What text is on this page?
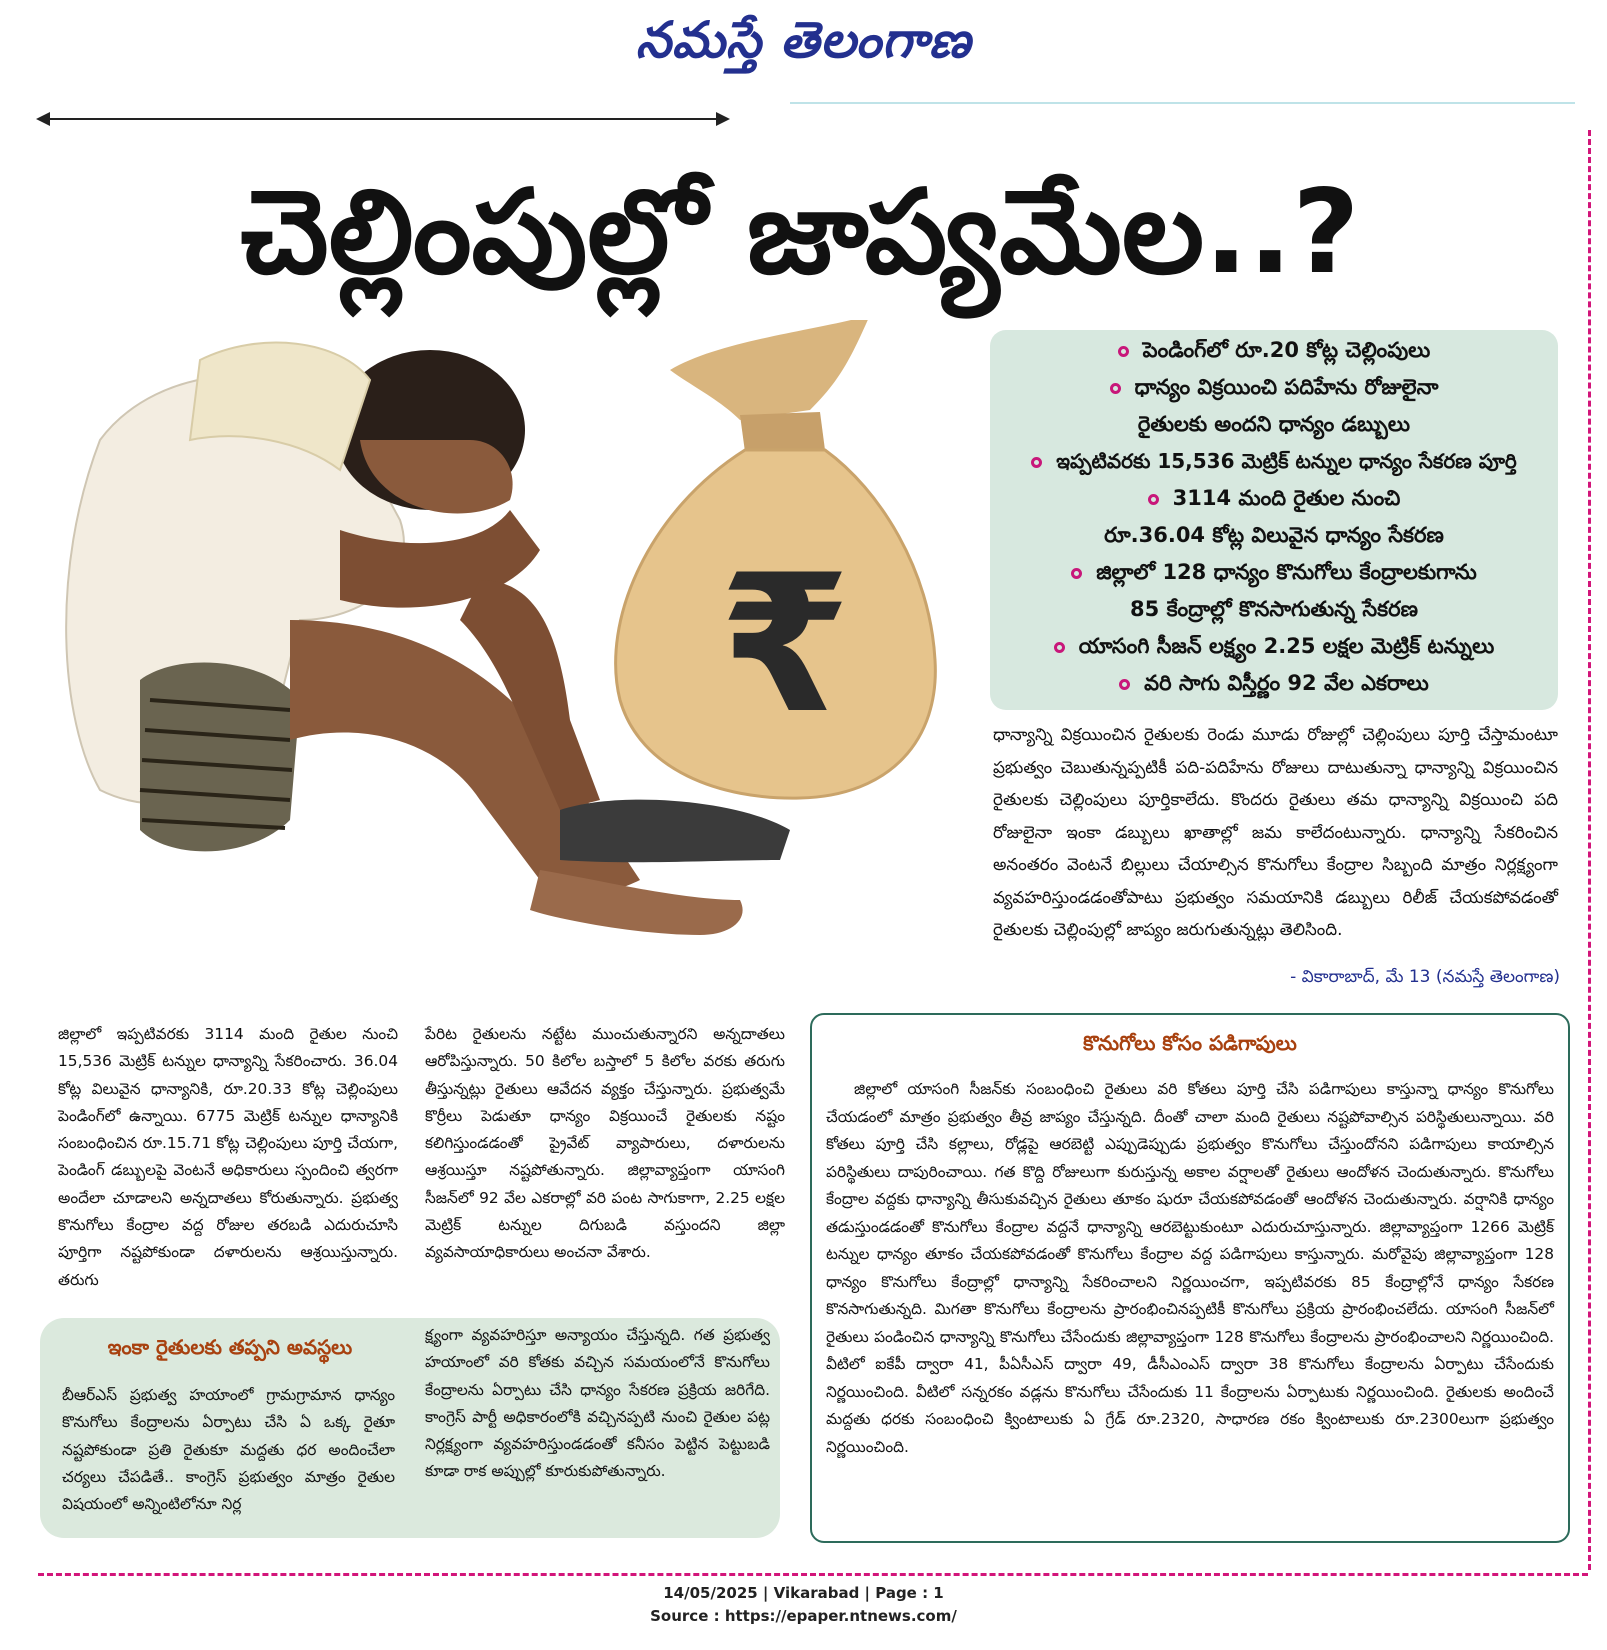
నమస్తే తెలంగాణ
చెల్లింపుల్లో జాప్యమేల..?
₹
పెండింగ్‌లో రూ.20 కోట్ల చెల్లింపులు
ధాన్యం విక్రయించి పదిహేను రోజులైనా
రైతులకు అందని ధాన్యం డబ్బులు
ఇప్పటివరకు 15,536 మెట్రిక్ టన్నుల ధాన్యం సేకరణ పూర్తి
3114 మంది రైతుల నుంచి
రూ.36.04 కోట్ల విలువైన ధాన్యం సేకరణ
జిల్లాలో 128 ధాన్యం కొనుగోలు కేంద్రాలకుగాను
85 కేంద్రాల్లో కొనసాగుతున్న సేకరణ
యాసంగి సీజన్ లక్ష్యం 2.25 లక్షల మెట్రిక్ టన్నులు
వరి సాగు విస్తీర్ణం 92 వేల ఎకరాలు
ధాన్యాన్ని విక్రయించిన రైతులకు రెండు మూడు రోజుల్లో చెల్లింపులు పూర్తి చేస్తామంటూ ప్రభుత్వం చెబుతున్నప్పటికీ పది-పదిహేను రోజులు దాటుతున్నా ధాన్యాన్ని విక్రయించిన రైతులకు చెల్లింపులు పూర్తికాలేదు. కొందరు రైతులు తమ ధాన్యాన్ని విక్రయించి పది రోజులైనా ఇంకా డబ్బులు ఖాతాల్లో జమ కాలేదంటున్నారు. ధాన్యాన్ని సేకరించిన అనంతరం వెంటనే బిల్లులు చేయాల్సిన కొనుగోలు కేంద్రాల సిబ్బంది మాత్రం నిర్లక్ష్యంగా వ్యవహరిస్తుండడంతోపాటు ప్రభుత్వం సమయానికి డబ్బులు రిలీజ్ చేయకపోవడంతో రైతులకు చెల్లింపుల్లో జాప్యం జరుగుతున్నట్లు తెలిసింది.
- వికారాబాద్, మే 13 (నమస్తే తెలంగాణ)
జిల్లాలో ఇప్పటివరకు 3114 మంది రైతుల నుంచి 15,536 మెట్రిక్ టన్నుల ధాన్యాన్ని సేకరించారు. 36.04 కోట్ల విలువైన ధాన్యానికి, రూ.20.33 కోట్ల చెల్లింపులు పెండింగ్‌లో ఉన్నాయి. 6775 మెట్రిక్ టన్నుల ధాన్యానికి సంబంధించిన రూ.15.71 కోట్ల చెల్లింపులు పూర్తి చేయగా, పెండింగ్ డబ్బులపై వెంటనే అధికారులు స్పందించి త్వరగా అందేలా చూడాలని అన్నదాతలు కోరుతున్నారు. ప్రభుత్వ కొనుగోలు కేంద్రాల వద్ద రోజుల తరబడి ఎదురుచూసి పూర్తిగా నష్టపోకుండా దళారులను ఆశ్రయిస్తున్నారు. తరుగు
పేరిట రైతులను నట్టేట ముంచుతున్నారని అన్నదాతలు ఆరోపిస్తున్నారు. 50 కిలోల బస్తాలో 5 కిలోల వరకు తరుగు తీస్తున్నట్లు రైతులు ఆవేదన వ్యక్తం చేస్తున్నారు. ప్రభుత్వమే కొర్రీలు పెడుతూ ధాన్యం విక్రయించే రైతులకు నష్టం కలిగిస్తుండడంతో ప్రైవేట్ వ్యాపారులు, దళారులను ఆశ్రయిస్తూ నష్టపోతున్నారు. జిల్లావ్యాప్తంగా యాసంగి సీజన్‌లో 92 వేల ఎకరాల్లో వరి పంట సాగుకాగా, 2.25 లక్షల మెట్రిక్ టన్నుల దిగుబడి వస్తుందని జిల్లా వ్యవసాయాధికారులు అంచనా వేశారు.
ఇంకా రైతులకు తప్పని అవస్థలు
బీఆర్‌ఎస్ ప్రభుత్వ హయాంలో గ్రామగ్రామాన ధాన్యం కొనుగోలు కేంద్రాలను ఏర్పాటు చేసి ఏ ఒక్క రైతూ నష్టపోకుండా ప్రతి రైతుకూ మద్దతు ధర అందించేలా చర్యలు చేపడితే.. కాంగ్రెస్ ప్రభుత్వం మాత్రం రైతుల విషయంలో అన్నింటిలోనూ నిర్ల
క్ష్యంగా వ్యవహరిస్తూ అన్యాయం చేస్తున్నది. గత ప్రభుత్వ హయాంలో వరి కోతకు వచ్చిన సమయంలోనే కొనుగోలు కేంద్రాలను ఏర్పాటు చేసి ధాన్యం సేకరణ ప్రక్రియ జరిగేది. కాంగ్రెస్ పార్టీ అధికారంలోకి వచ్చినప్పటి నుంచి రైతుల పట్ల నిర్లక్ష్యంగా వ్యవహరిస్తుండడంతో కనీసం పెట్టిన పెట్టుబడి కూడా రాక అప్పుల్లో కూరుకుపోతున్నారు.
కొనుగోలు కోసం పడిగాపులు
జిల్లాలో యాసంగి సీజన్‌కు సంబంధించి రైతులు వరి కోతలు పూర్తి చేసి పడిగాపులు కాస్తున్నా ధాన్యం కొనుగోలు చేయడంలో మాత్రం ప్రభుత్వం తీవ్ర జాప్యం చేస్తున్నది. దీంతో చాలా మంది రైతులు నష్టపోవాల్సిన పరిస్థితులున్నాయి. వరి కోతలు పూర్తి చేసి కల్లాలు, రోడ్లపై ఆరబెట్టి ఎప్పుడెప్పుడు ప్రభుత్వం కొనుగోలు చేస్తుందోనని పడిగాపులు కాయాల్సిన పరిస్థితులు దాపురించాయి. గత కొద్ది రోజులుగా కురుస్తున్న అకాల వర్షాలతో రైతులు ఆందోళన చెందుతున్నారు. కొనుగోలు కేంద్రాల వద్దకు ధాన్యాన్ని తీసుకువచ్చిన రైతులు తూకం షురూ చేయకపోవడంతో ఆందోళన చెందుతున్నారు. వర్షానికి ధాన్యం తడుస్తుండడంతో కొనుగోలు కేంద్రాల వద్దనే ధాన్యాన్ని ఆరబెట్టుకుంటూ ఎదురుచూస్తున్నారు. జిల్లావ్యాప్తంగా 1266 మెట్రిక్ టన్నుల ధాన్యం తూకం చేయకపోవడంతో కొనుగోలు కేంద్రాల వద్ద పడిగాపులు కాస్తున్నారు. మరోవైపు జిల్లావ్యాప్తంగా 128 ధాన్యం కొనుగోలు కేంద్రాల్లో ధాన్యాన్ని సేకరించాలని నిర్ణయించగా, ఇప్పటివరకు 85 కేంద్రాల్లోనే ధాన్యం సేకరణ కొనసాగుతున్నది. మిగతా కొనుగోలు కేంద్రాలను ప్రారంభించినప్పటికీ కొనుగోలు ప్రక్రియ ప్రారంభించలేదు. యాసంగి సీజన్‌లో రైతులు పండించిన ధాన్యాన్ని కొనుగోలు చేసేందుకు జిల్లావ్యాప్తంగా 128 కొనుగోలు కేంద్రాలను ప్రారంభించాలని నిర్ణయించింది. వీటిలో ఐకేపీ ద్వారా 41, పీఏసీఎస్ ద్వారా 49, డీసీఎంఎస్ ద్వారా 38 కొనుగోలు కేంద్రాలను ఏర్పాటు చేసేందుకు నిర్ణయించింది. వీటిలో సన్నరకం వడ్లను కొనుగోలు చేసేందుకు 11 కేంద్రాలను ఏర్పాటుకు నిర్ణయించింది. రైతులకు అందించే మద్దతు ధరకు సంబంధించి క్వింటాలుకు ఏ గ్రేడ్ రూ.2320, సాధారణ రకం క్వింటాలుకు రూ.2300లుగా ప్రభుత్వం నిర్ణయించింది.
14/05/2025 | Vikarabad | Page : 1
Source : https://epaper.ntnews.com/
